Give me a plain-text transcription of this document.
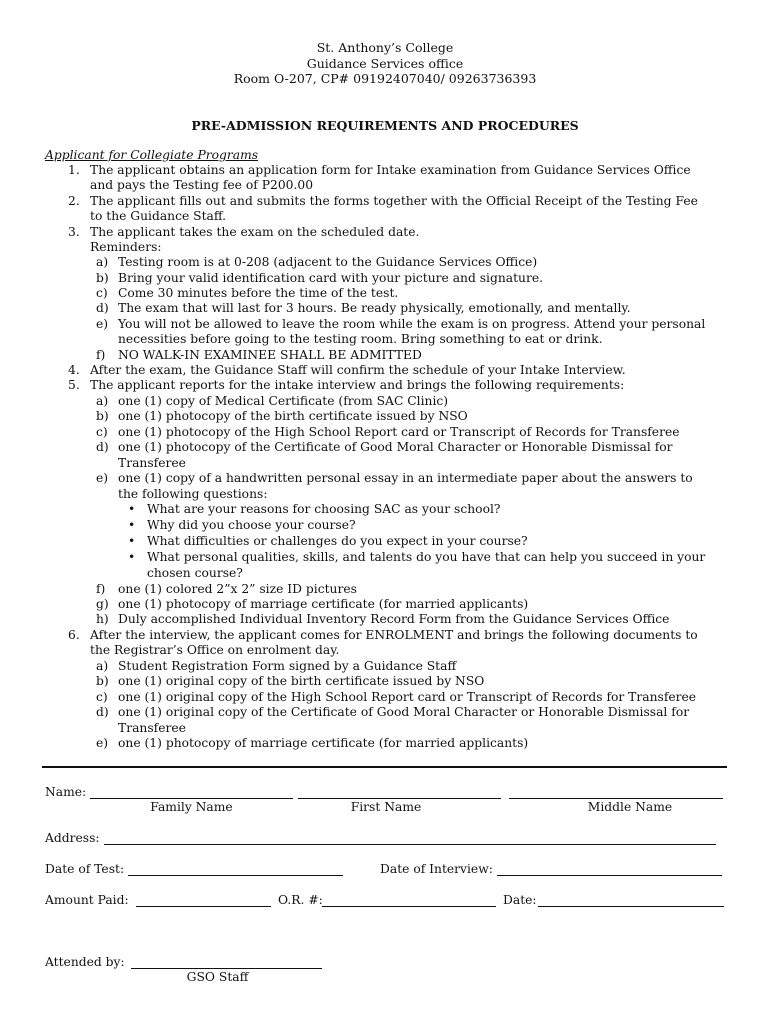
St. Anthony’s College
Guidance Services office
Room O-207, CP# 09192407040/ 09263736393
PRE-ADMISSION REQUIREMENTS AND PROCEDURES
Applicant for Collegiate Programs
1. The applicant obtains an application form for Intake examination from Guidance Services Office
and pays the Testing fee of P200.00
2. The applicant fills out and submits the forms together with the Official Receipt of the Testing Fee
to the Guidance Staff.
3. The applicant takes the exam on the scheduled date.
Reminders:
a) Testing room is at 0-208 (adjacent to the Guidance Services Office)
b) Bring your valid identification card with your picture and signature.
c) Come 30 minutes before the time of the test.
d) The exam that will last for 3 hours. Be ready physically, emotionally, and mentally.
e) You will not be allowed to leave the room while the exam is on progress. Attend your personal
necessities before going to the testing room. Bring something to eat or drink.
f) NO WALK-IN EXAMINEE SHALL BE ADMITTED
4. After the exam, the Guidance Staff will confirm the schedule of your Intake Interview.
5. The applicant reports for the intake interview and brings the following requirements:
a) one (1) copy of Medical Certificate (from SAC Clinic)
b) one (1) photocopy of the birth certificate issued by NSO
c) one (1) photocopy of the High School Report card or Transcript of Records for Transferee
d) one (1) photocopy of the Certificate of Good Moral Character or Honorable Dismissal for
Transferee
e) one (1) copy of a handwritten personal essay in an intermediate paper about the answers to
the following questions:
• What are your reasons for choosing SAC as your school?
• Why did you choose your course?
• What difficulties or challenges do you expect in your course?
• What personal qualities, skills, and talents do you have that can help you succeed in your
chosen course?
f) one (1) colored 2”x 2” size ID pictures
g) one (1) photocopy of marriage certificate (for married applicants)
h) Duly accomplished Individual Inventory Record Form from the Guidance Services Office
6. After the interview, the applicant comes for ENROLMENT and brings the following documents to
the Registrar’s Office on enrolment day.
a) Student Registration Form signed by a Guidance Staff
b) one (1) original copy of the birth certificate issued by NSO
c) one (1) original copy of the High School Report card or Transcript of Records for Transferee
d) one (1) original copy of the Certificate of Good Moral Character or Honorable Dismissal for
Transferee
e) one (1) photocopy of marriage certificate (for married applicants)
Name:
Family Name	First Name	Middle Name
Address:
Date of Test:	Date of Interview:
Amount Paid:	O.R. #:	Date:
Attended by:
GSO Staff
